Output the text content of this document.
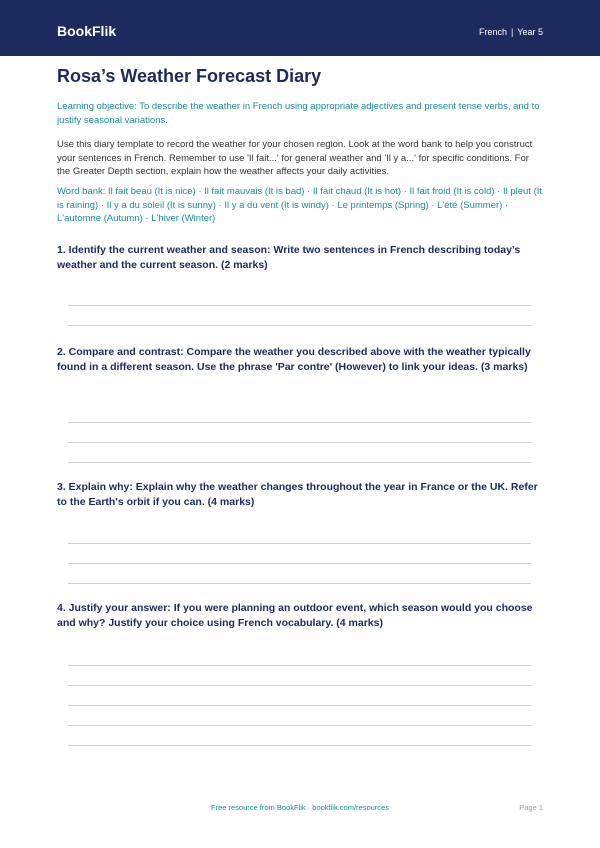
BookFlik	French | Year 5
Rosa’s Weather Forecast Diary

Learning objective: To describe the weather in French using appropriate adjectives and present tense verbs, and to justify seasonal variations.

Use this diary template to record the weather for your chosen region. Look at the word bank to help you construct your sentences in French. Remember to use 'Il fait...' for general weather and 'Il y a...' for specific conditions. For the Greater Depth section, explain how the weather affects your daily activities.

Word bank: Il fait beau (It is nice) · Il fait mauvais (It is bad) · Il fait chaud (It is hot) · Il fait froid (It is cold) · Il pleut (It is raining) · Il y a du soleil (It is sunny) · Il y a du vent (It is windy) · Le printemps (Spring) · L'été (Summer) · L'automne (Autumn) · L'hiver (Winter)

1. Identify the current weather and season: Write two sentences in French describing today’s weather and the current season. (2 marks)

2. Compare and contrast: Compare the weather you described above with the weather typically found in a different season. Use the phrase 'Par contre' (However) to link your ideas. (3 marks)

3. Explain why: Explain why the weather changes throughout the year in France or the UK. Refer to the Earth's orbit if you can. (4 marks)

4. Justify your answer: If you were planning an outdoor event, which season would you choose and why? Justify your choice using French vocabulary. (4 marks)

Free resource from BookFlik · bookflik.com/resources	Page 1
